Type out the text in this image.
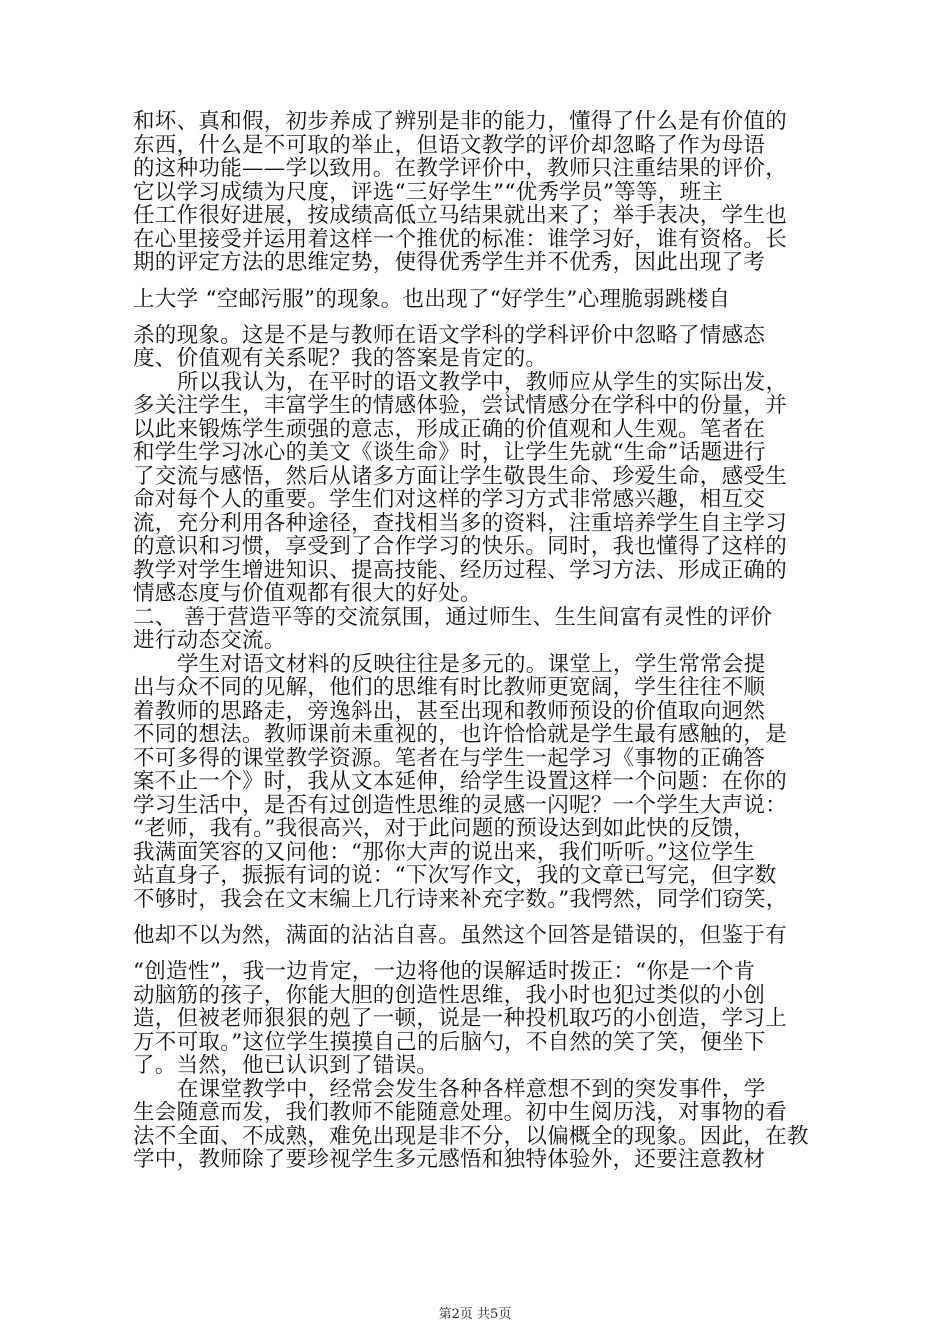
和坏、真和假，初步养成了辨别是非的能力，懂得了什么是有价值的
东西，什么是不可取的举止，但语文教学的评价却忽略了作为母语
的这种功能——学以致用。在教学评价中，教师只注重结果的评价，
它以学习成绩为尺度，评选“三好学生”“优秀学员”等等，班主
任工作很好进展，按成绩高低立马结果就出来了；举手表决，学生也
在心里接受并运用着这样一个推优的标准：谁学习好，谁有资格。长
期的评定方法的思维定势，使得优秀学生并不优秀，因此出现了考
上大学 “空邮污服”的现象。也出现了“好学生”心理脆弱跳楼自
杀的现象。这是不是与教师在语文学科的学科评价中忽略了情感态
度、价值观有关系呢？我的答案是肯定的。
所以我认为，在平时的语文教学中，教师应从学生的实际出发，
多关注学生，丰富学生的情感体验，尝试情感分在学科中的份量，并
以此来锻炼学生顽强的意志，形成正确的价值观和人生观。笔者在
和学生学习冰心的美文《谈生命》时，让学生先就“生命”话题进行
了交流与感悟，然后从诸多方面让学生敬畏生命、珍爱生命，感受生
命对每个人的重要。学生们对这样的学习方式非常感兴趣，相互交
流，充分利用各种途径，查找相当多的资料，注重培养学生自主学习
的意识和习惯，享受到了合作学习的快乐。同时，我也懂得了这样的
教学对学生增进知识、提高技能、经历过程、学习方法、形成正确的
情感态度与价值观都有很大的好处。
二、 善于营造平等的交流氛围，通过师生、生生间富有灵性的评价
进行动态交流。
学生对语文材料的反映往往是多元的。课堂上，学生常常会提
出与众不同的见解，他们的思维有时比教师更宽阔，学生往往不顺
着教师的思路走，旁逸斜出，甚至出现和教师预设的价值取向迥然
不同的想法。教师课前未重视的，也许恰恰就是学生最有感触的，是
不可多得的课堂教学资源。笔者在与学生一起学习《事物的正确答
案不止一个》时，我从文本延伸，给学生设置这样一个问题：在你的
学习生活中，是否有过创造性思维的灵感一闪呢？一个学生大声说：
“老师，我有。”我很高兴，对于此问题的预设达到如此快的反馈，
我满面笑容的又问他：“那你大声的说出来，我们听听。”这位学生
站直身子，振振有词的说：“下次写作文，我的文章已写完，但字数
不够时，我会在文末编上几行诗来补充字数。”我愕然，同学们窃笑，
他却不以为然，满面的沾沾自喜。虽然这个回答是错误的，但鉴于有
“创造性”，我一边肯定，一边将他的误解适时拨正：“你是一个肯
动脑筋的孩子，你能大胆的创造性思维，我小时也犯过类似的小创
造，但被老师狠狠的剋了一顿，说是一种投机取巧的小创造，学习上
万不可取。”这位学生摸摸自己的后脑勺，不自然的笑了笑，便坐下
了。当然，他已认识到了错误。
在课堂教学中，经常会发生各种各样意想不到的突发事件，学
生会随意而发，我们教师不能随意处理。初中生阅历浅，对事物的看
法不全面、不成熟，难免出现是非不分，以偏概全的现象。因此，在教
学中，教师除了要珍视学生多元感悟和独特体验外，还要注意教材
第2页 共5页
